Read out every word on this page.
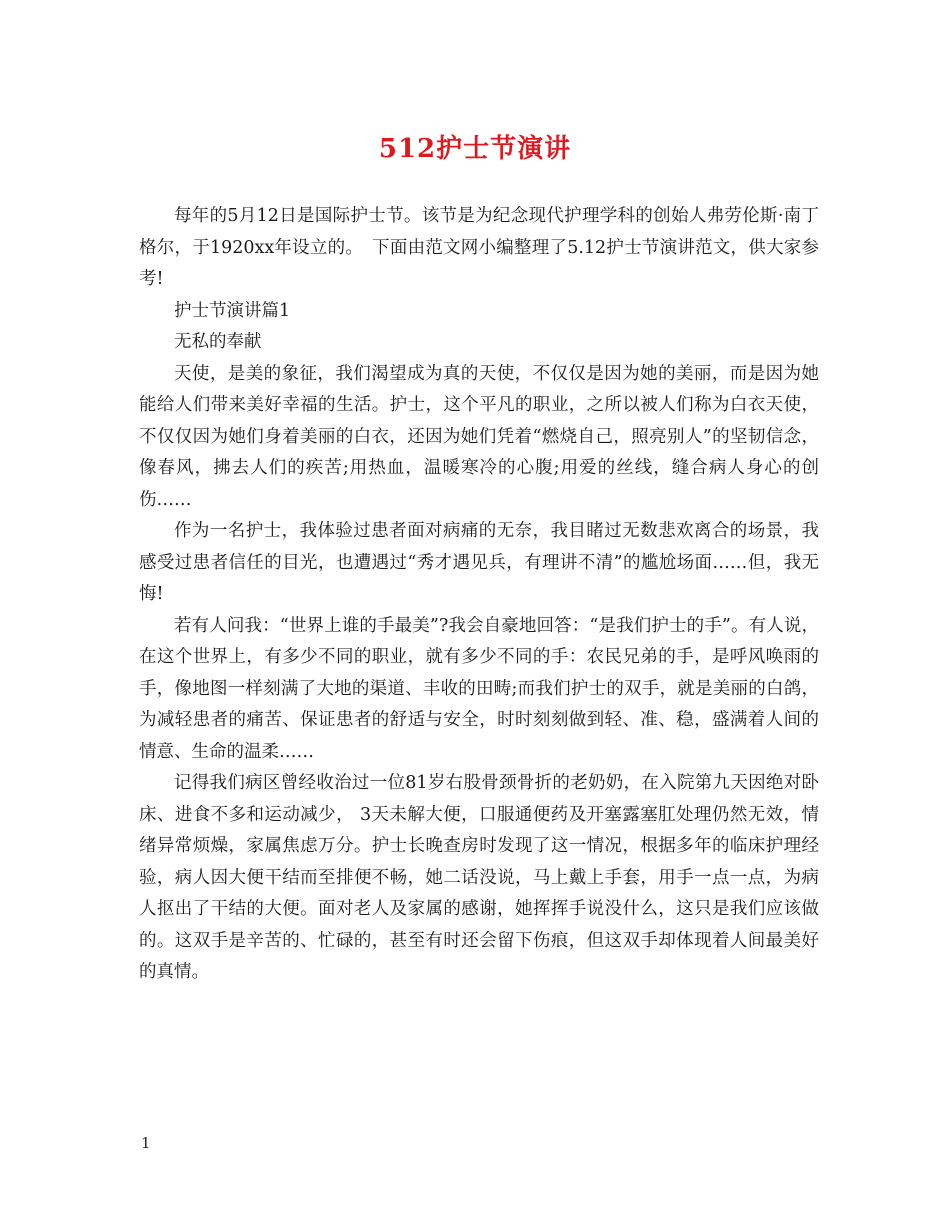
512护士节演讲

每年的5月12日是国际护士节。该节是为纪念现代护理学科的创始人弗劳伦斯·南丁格尔，于1920xx年设立的。　下面由范文网小编整理了5.12护士节演讲范文，供大家参考!

护士节演讲篇1

无私的奉献

天使，是美的象征，我们渴望成为真的天使，不仅仅是因为她的美丽，而是因为她能给人们带来美好幸福的生活。护士，这个平凡的职业，之所以被人们称为白衣天使，不仅仅因为她们身着美丽的白衣，还因为她们凭着“燃烧自己，照亮别人”的坚韧信念，像春风，拂去人们的疾苦;用热血，温暖寒冷的心腹;用爱的丝线，缝合病人身心的创伤……

作为一名护士，我体验过患者面对病痛的无奈，我目睹过无数悲欢离合的场景，我感受过患者信任的目光，也遭遇过“秀才遇见兵，有理讲不清”的尴尬场面……但，我无悔!

若有人问我：“世界上谁的手最美”?我会自豪地回答：“是我们护士的手”。有人说，在这个世界上，有多少不同的职业，就有多少不同的手：农民兄弟的手，是呼风唤雨的手，像地图一样刻满了大地的渠道、丰收的田畴;而我们护士的双手，就是美丽的白鸽，为减轻患者的痛苦、保证患者的舒适与安全，时时刻刻做到轻、准、稳，盛满着人间的情意、生命的温柔……

记得我们病区曾经收治过一位81岁右股骨颈骨折的老奶奶，在入院第九天因绝对卧床、进食不多和运动减少， 3天未解大便，口服通便药及开塞露塞肛处理仍然无效，情绪异常烦燥，家属焦虑万分。护士长晚查房时发现了这一情况，根据多年的临床护理经验，病人因大便干结而至排便不畅，她二话没说，马上戴上手套，用手一点一点，为病人抠出了干结的大便。面对老人及家属的感谢，她挥挥手说没什么，这只是我们应该做的。这双手是辛苦的、忙碌的，甚至有时还会留下伤痕，但这双手却体现着人间最美好的真情。

1
